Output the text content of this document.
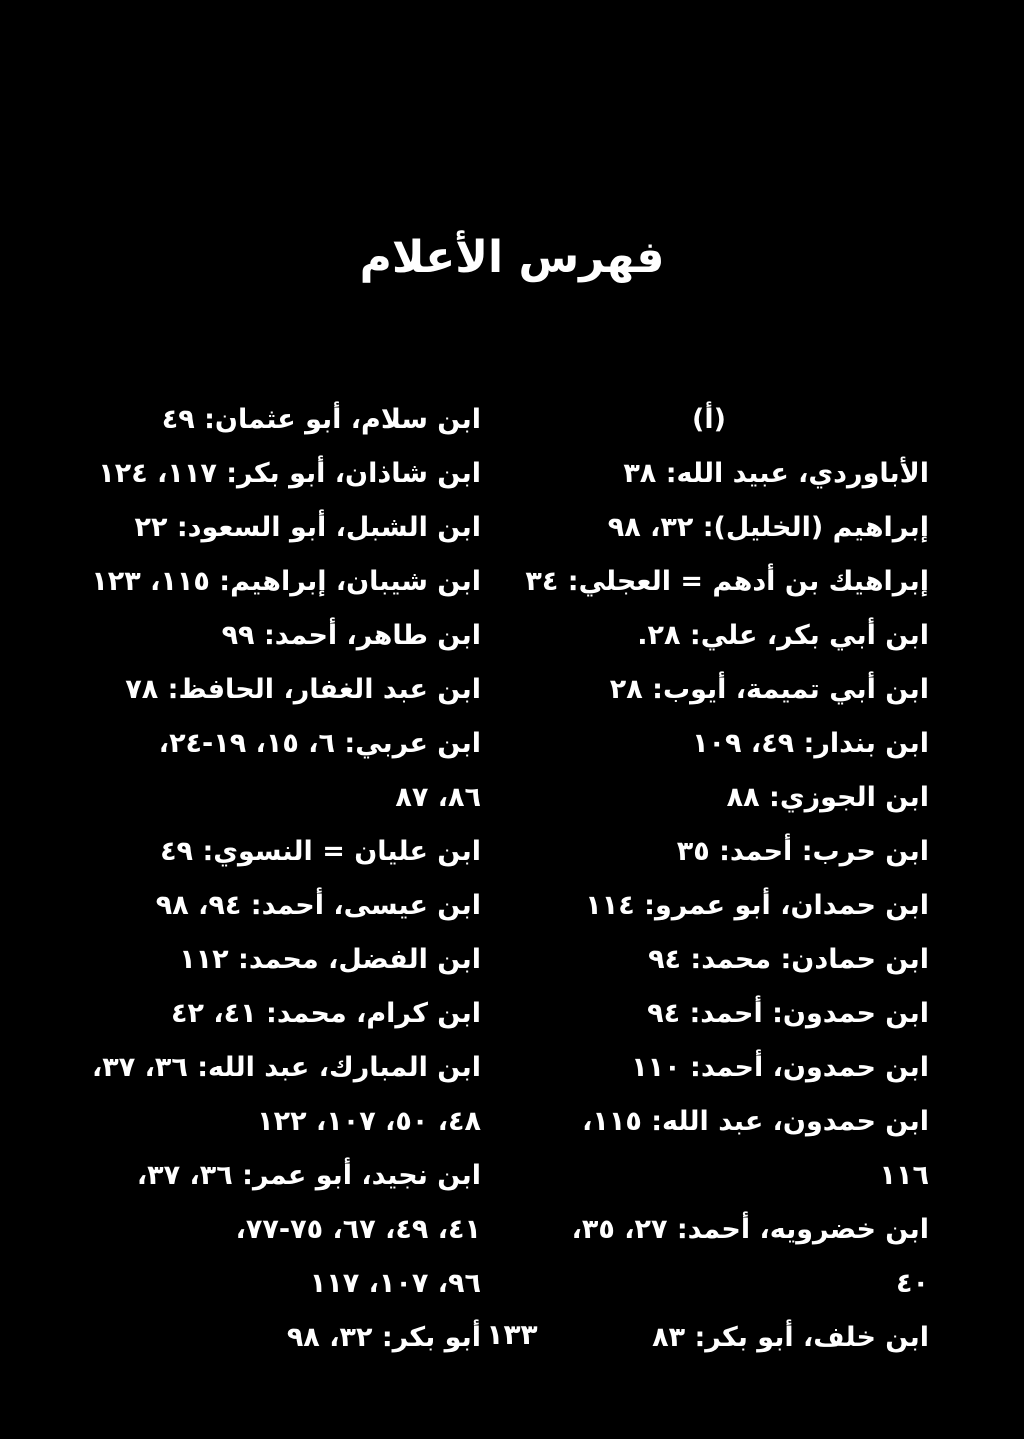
فهرس الأعلام
(أ)
الأباوردي، عبيد الله: ٣٨
إبراهيم (الخليل): ٣٢، ٩٨
إبراهيك بن أدهم = العجلي: ٣٤
ابن أبي بكر، علي: ٢٨.
ابن أبي تميمة، أيوب: ٢٨
ابن بندار: ٤٩، ١٠٩
ابن الجوزي: ٨٨
ابن حرب: أحمد: ٣٥
ابن حمدان، أبو عمرو: ١١٤
ابن حمادن: محمد: ٩٤
ابن حمدون: أحمد: ٩٤
ابن حمدون، أحمد: ١١٠
ابن حمدون، عبد الله: ١١٥،
١١٦
ابن خضرويه، أحمد: ٢٧، ٣٥،
٤٠
ابن خلف، أبو بكر: ٨٣
ابن سلام، أبو عثمان: ٤٩
ابن شاذان، أبو بكر: ١١٧، ١٢٤
ابن الشبل، أبو السعود: ٢٢
ابن شيبان، إبراهيم: ١١٥، ١٢٣
ابن طاهر، أحمد: ٩٩
ابن عبد الغفار، الحافظ: ٧٨
ابن عربي: ٦، ١٥، ١٩-٢٤،
٨٦، ٨٧
ابن عليان = النسوي: ٤٩
ابن عيسى، أحمد: ٩٤، ٩٨
ابن الفضل، محمد: ١١٢
ابن كرام، محمد: ٤١، ٤٢
ابن المبارك، عبد الله: ٣٦، ٣٧،
٤٨، ٥٠، ١٠٧، ١٢٢
ابن نجيد، أبو عمر: ٣٦، ٣٧،
٤١، ٤٩، ٦٧، ٧٥-٧٧،
٩٦، ١٠٧، ١١٧
أبو بكر: ٣٢، ٩٨ ١٣٣
